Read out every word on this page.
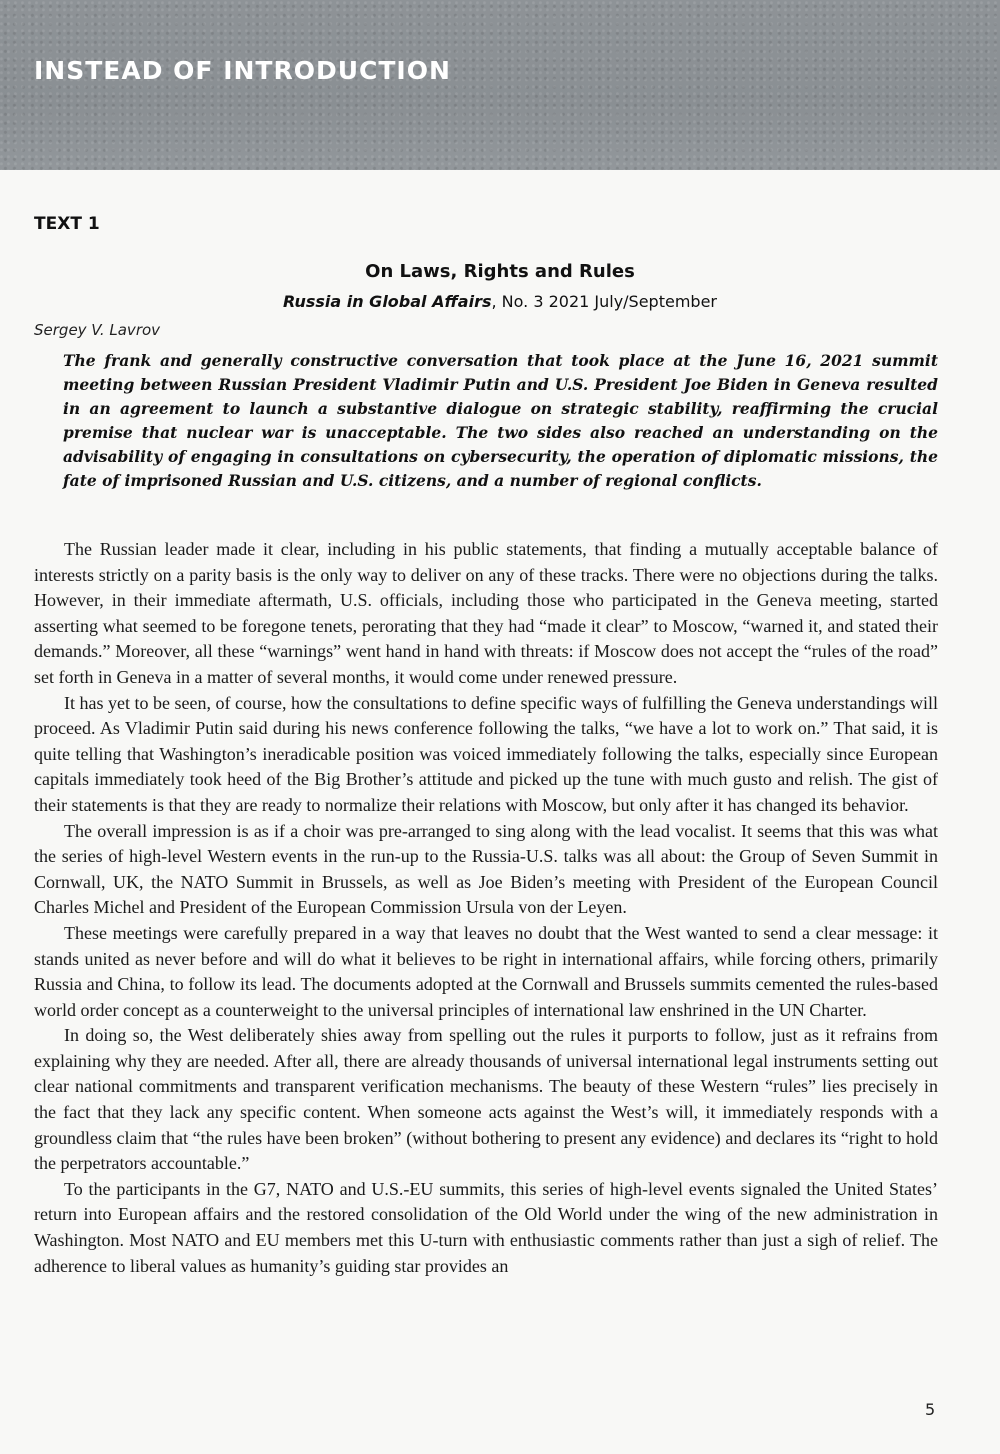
INSTEAD OF INTRODUCTION
TEXT 1
On Laws, Rights and Rules

Russia in Global Affairs, No. 3 2021 July/September

Sergey V. Lavrov

The frank and generally constructive conversation that took place at the June 16, 2021 summit meeting between Russian President Vladimir Putin and U.S. President Joe Biden in Geneva resulted in an agreement to launch a substantive dialogue on strategic stability, reaffirming the crucial premise that nuclear war is unacceptable. The two sides also reached an understanding on the advisability of engaging in consultations on cybersecurity, the operation of diplomatic missions, the fate of imprisoned Russian and U.S. citizens, and a number of regional conflicts.

The Russian leader made it clear, including in his public statements, that finding a mutually acceptable balance of interests strictly on a parity basis is the only way to deliver on any of these tracks. There were no objections during the talks. However, in their immediate aftermath, U.S. officials, including those who participated in the Geneva meeting, started asserting what seemed to be foregone tenets, perorating that they had “made it clear” to Moscow, “warned it, and stated their demands.” Moreover, all these “warnings” went hand in hand with threats: if Moscow does not accept the “rules of the road” set forth in Geneva in a matter of several months, it would come under renewed pressure.

It has yet to be seen, of course, how the consultations to define specific ways of fulfilling the Geneva understandings will proceed. As Vladimir Putin said during his news conference following the talks, “we have a lot to work on.” That said, it is quite telling that Washington’s ineradicable position was voiced immediately following the talks, especially since European capitals immediately took heed of the Big Brother’s attitude and picked up the tune with much gusto and relish. The gist of their statements is that they are ready to normalize their relations with Moscow, but only after it has changed its behavior.

The overall impression is as if a choir was pre-arranged to sing along with the lead vocalist. It seems that this was what the series of high-level Western events in the run-up to the Russia-U.S. talks was all about: the Group of Seven Summit in Cornwall, UK, the NATO Summit in Brussels, as well as Joe Biden’s meeting with President of the European Council Charles Michel and President of the European Commission Ursula von der Leyen.

These meetings were carefully prepared in a way that leaves no doubt that the West wanted to send a clear message: it stands united as never before and will do what it believes to be right in international affairs, while forcing others, primarily Russia and China, to follow its lead. The documents adopted at the Cornwall and Brussels summits cemented the rules-based world order concept as a counterweight to the universal principles of international law enshrined in the UN Charter.

In doing so, the West deliberately shies away from spelling out the rules it purports to follow, just as it refrains from explaining why they are needed. After all, there are already thousands of universal international legal instruments setting out clear national commitments and transparent verification mechanisms. The beauty of these Western “rules” lies precisely in the fact that they lack any specific content. When someone acts against the West’s will, it immediately responds with a groundless claim that “the rules have been broken” (without bothering to present any evidence) and declares its “right to hold the perpetrators accountable.”

To the participants in the G7, NATO and U.S.-EU summits, this series of high-level events signaled the United States’ return into European affairs and the restored consolidation of the Old World under the wing of the new administration in Washington. Most NATO and EU members met this U-turn with enthusiastic comments rather than just a sigh of relief. The adherence to liberal values as humanity’s guiding star provides an

5
